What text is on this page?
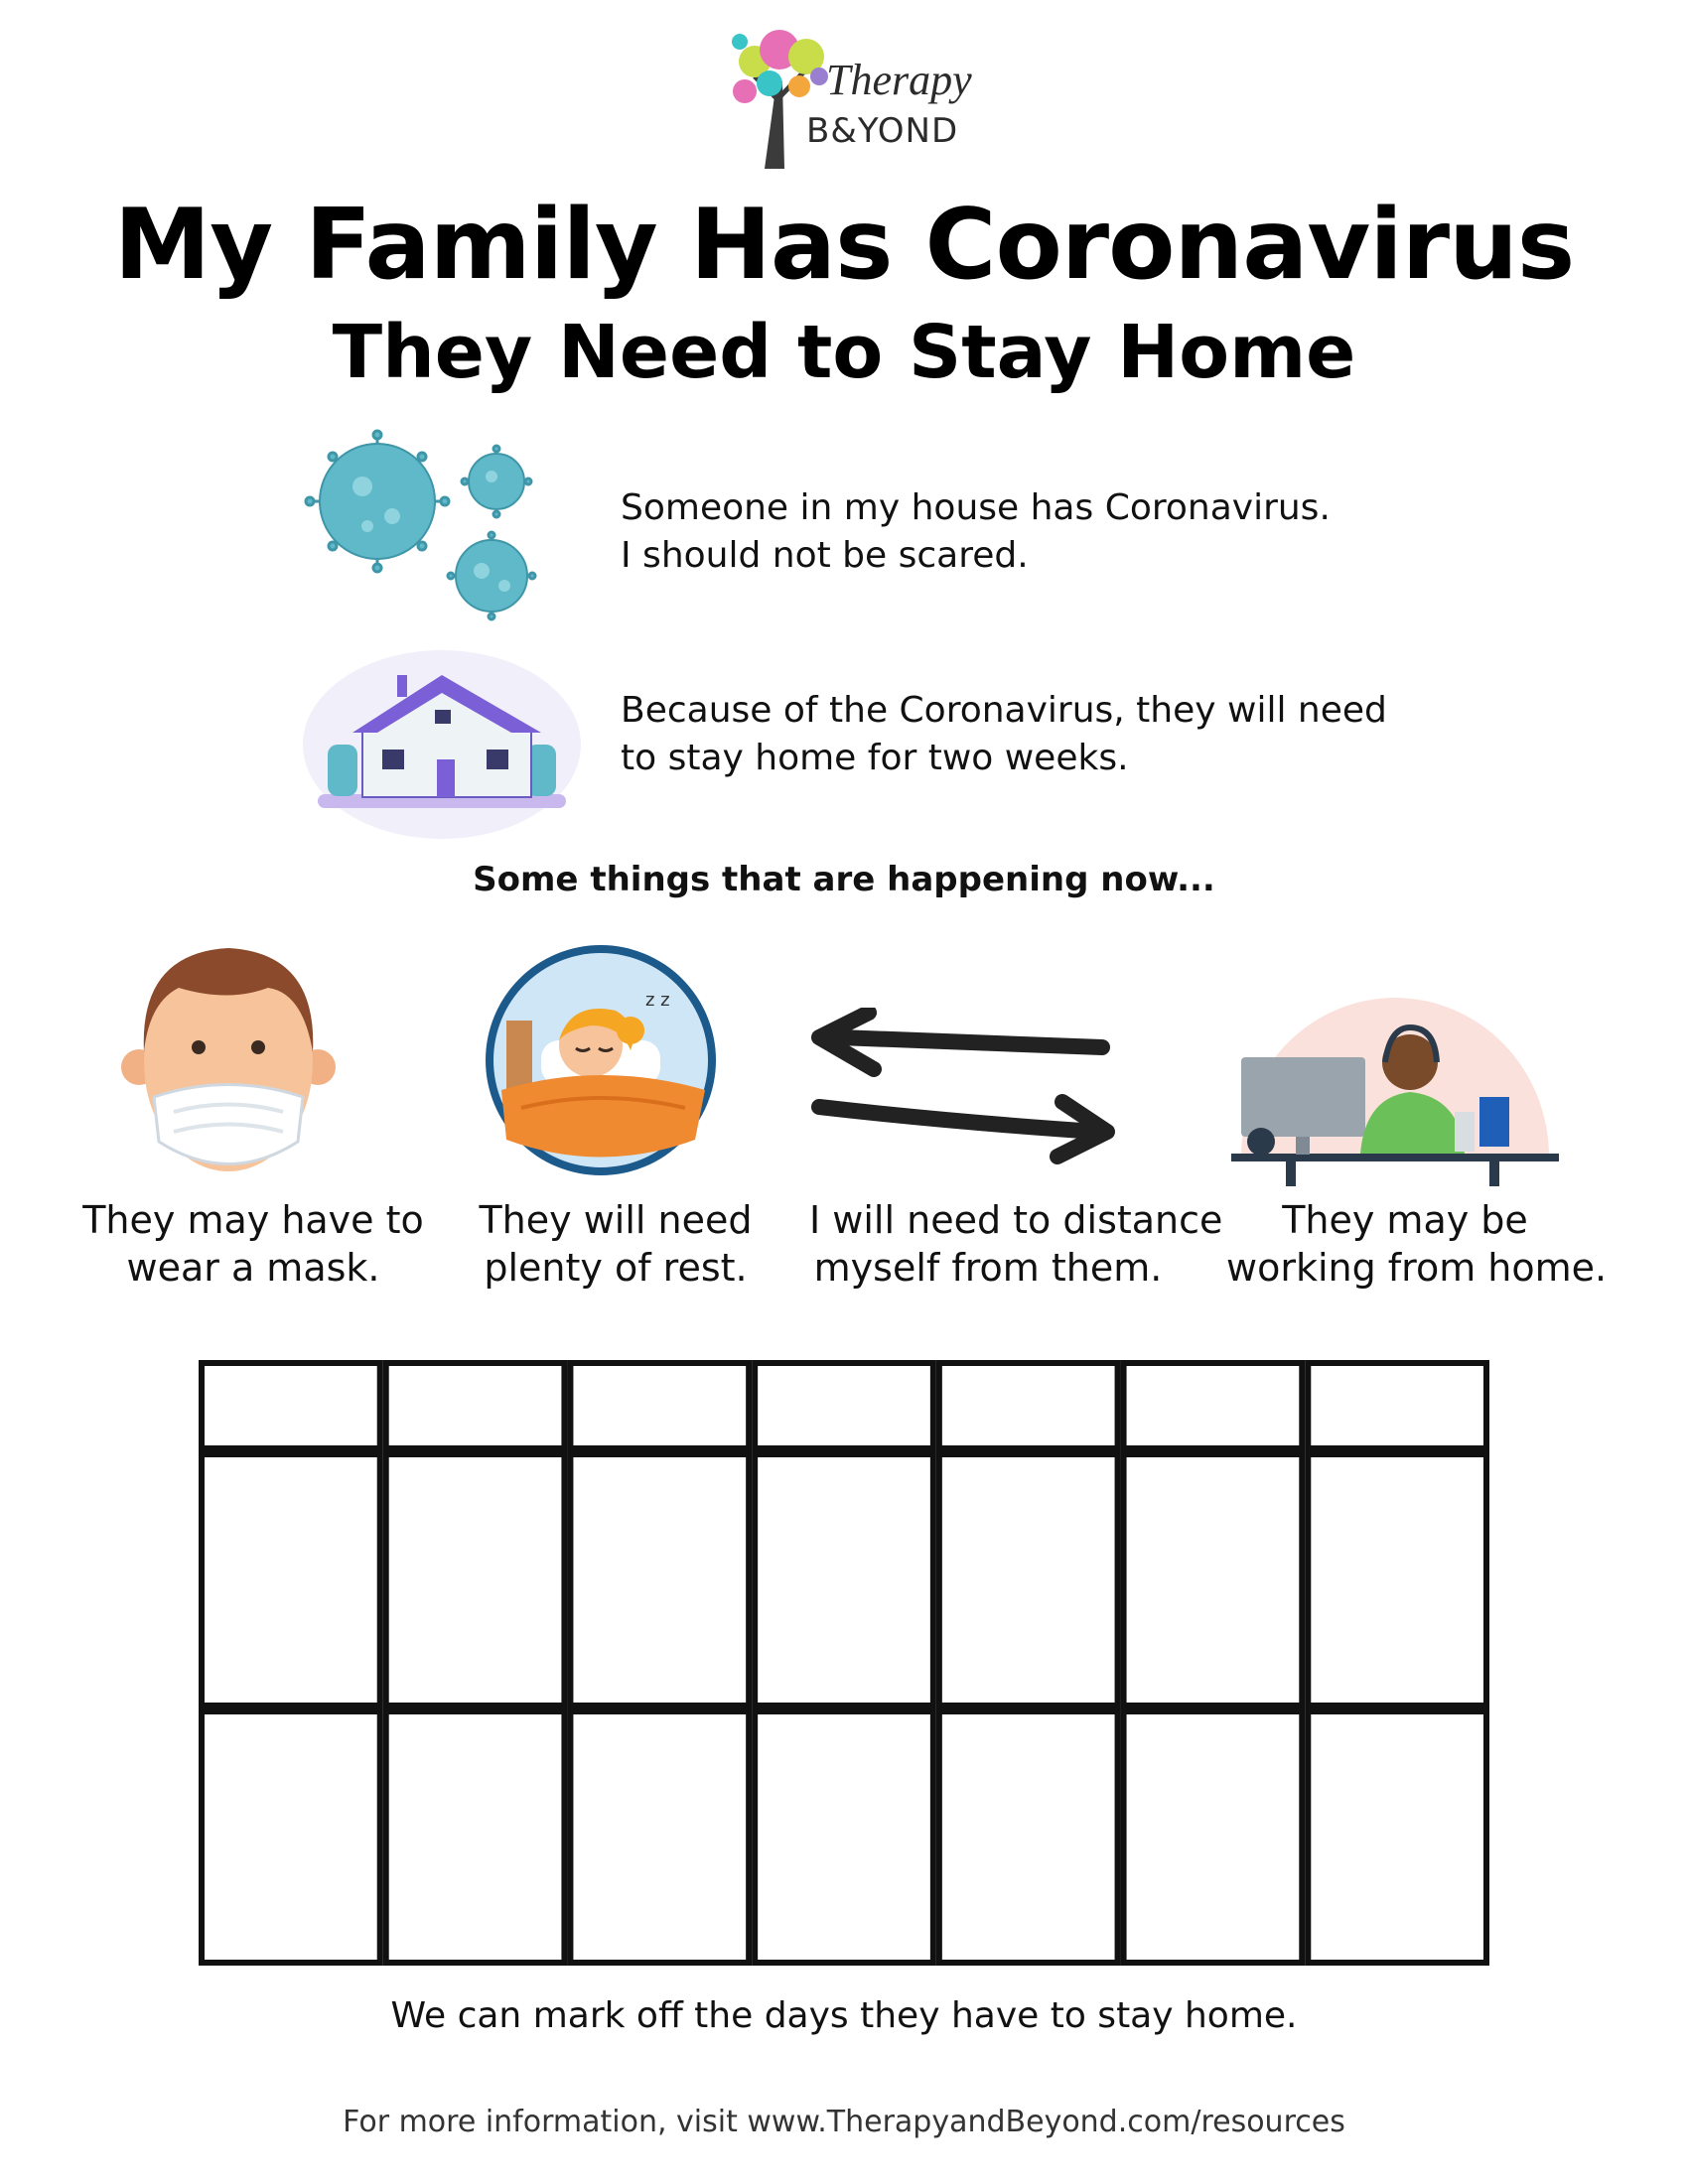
Therapy
B&YOND
My Family Has Coronavirus
They Need to Stay Home
Someone in my house has Coronavirus.
I should not be scared.
Because of the Coronavirus, they will need
to stay home for two weeks.
Some things that are happening now...
z z
They may have to
wear a mask.
They will need
plenty of rest.
I will need to distance
myself from them.
They may be
working from home.
We can mark off the days they have to stay home.
For more information, visit www.TherapyandBeyond.com/resources
